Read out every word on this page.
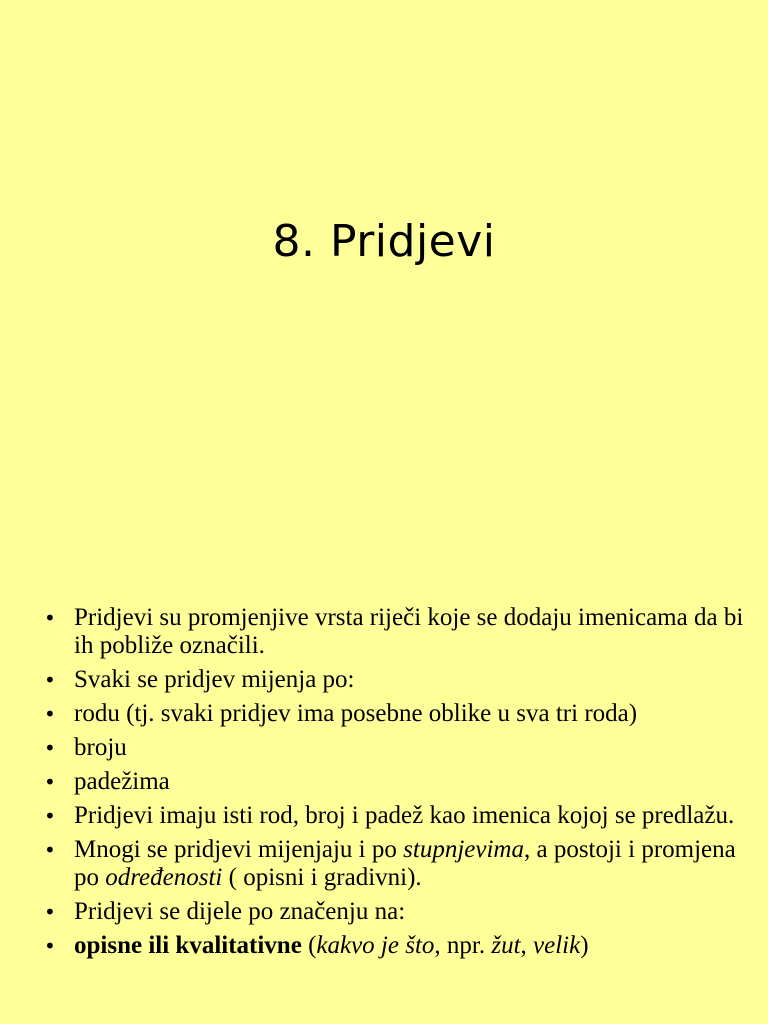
8. Pridjevi
• Pridjevi su promjenjive vrsta riječi koje se dodaju imenicama da bi ih pobliže označili.
• Svaki se pridjev mijenja po:
• rodu (tj. svaki pridjev ima posebne oblike u sva tri roda)
• broju
• padežima
• Pridjevi imaju isti rod, broj i padež kao imenica kojoj se predlažu.
• Mnogi se pridjevi mijenjaju i po stupnjevima, a postoji i promjena po određenosti ( opisni i gradivni).
• Pridjevi se dijele po značenju na:
• opisne ili kvalitativne (kakvo je što, npr. žut, velik)
